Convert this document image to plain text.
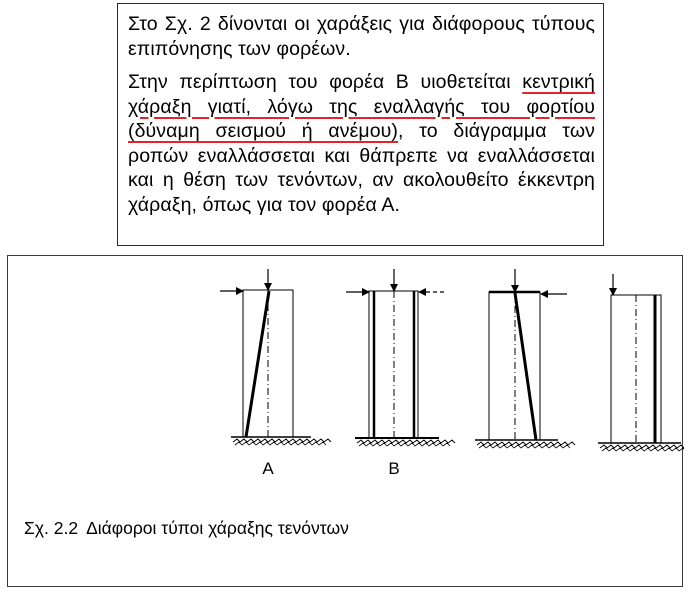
Στο Σχ. 2 δίνονται οι χαράξεις για διάφορους τύπους επιπόνησης των φορέων.

Στην περίπτωση του φορέα Β υιοθετείται κεντρική χάραξη γιατί, λόγω της εναλλαγής του φορτίου (δύναμη σεισμού ή ανέμου), το διάγραμμα των ροπών εναλλάσσεται και θάπρεπε να εναλλάσσεται και η θέση των τενόντων, αν ακολουθείτο έκκεντρη χάραξη, όπως για τον φορέα Α.

A	B
Σχ. 2.2 Διάφοροι τύποι χάραξης τενόντων
